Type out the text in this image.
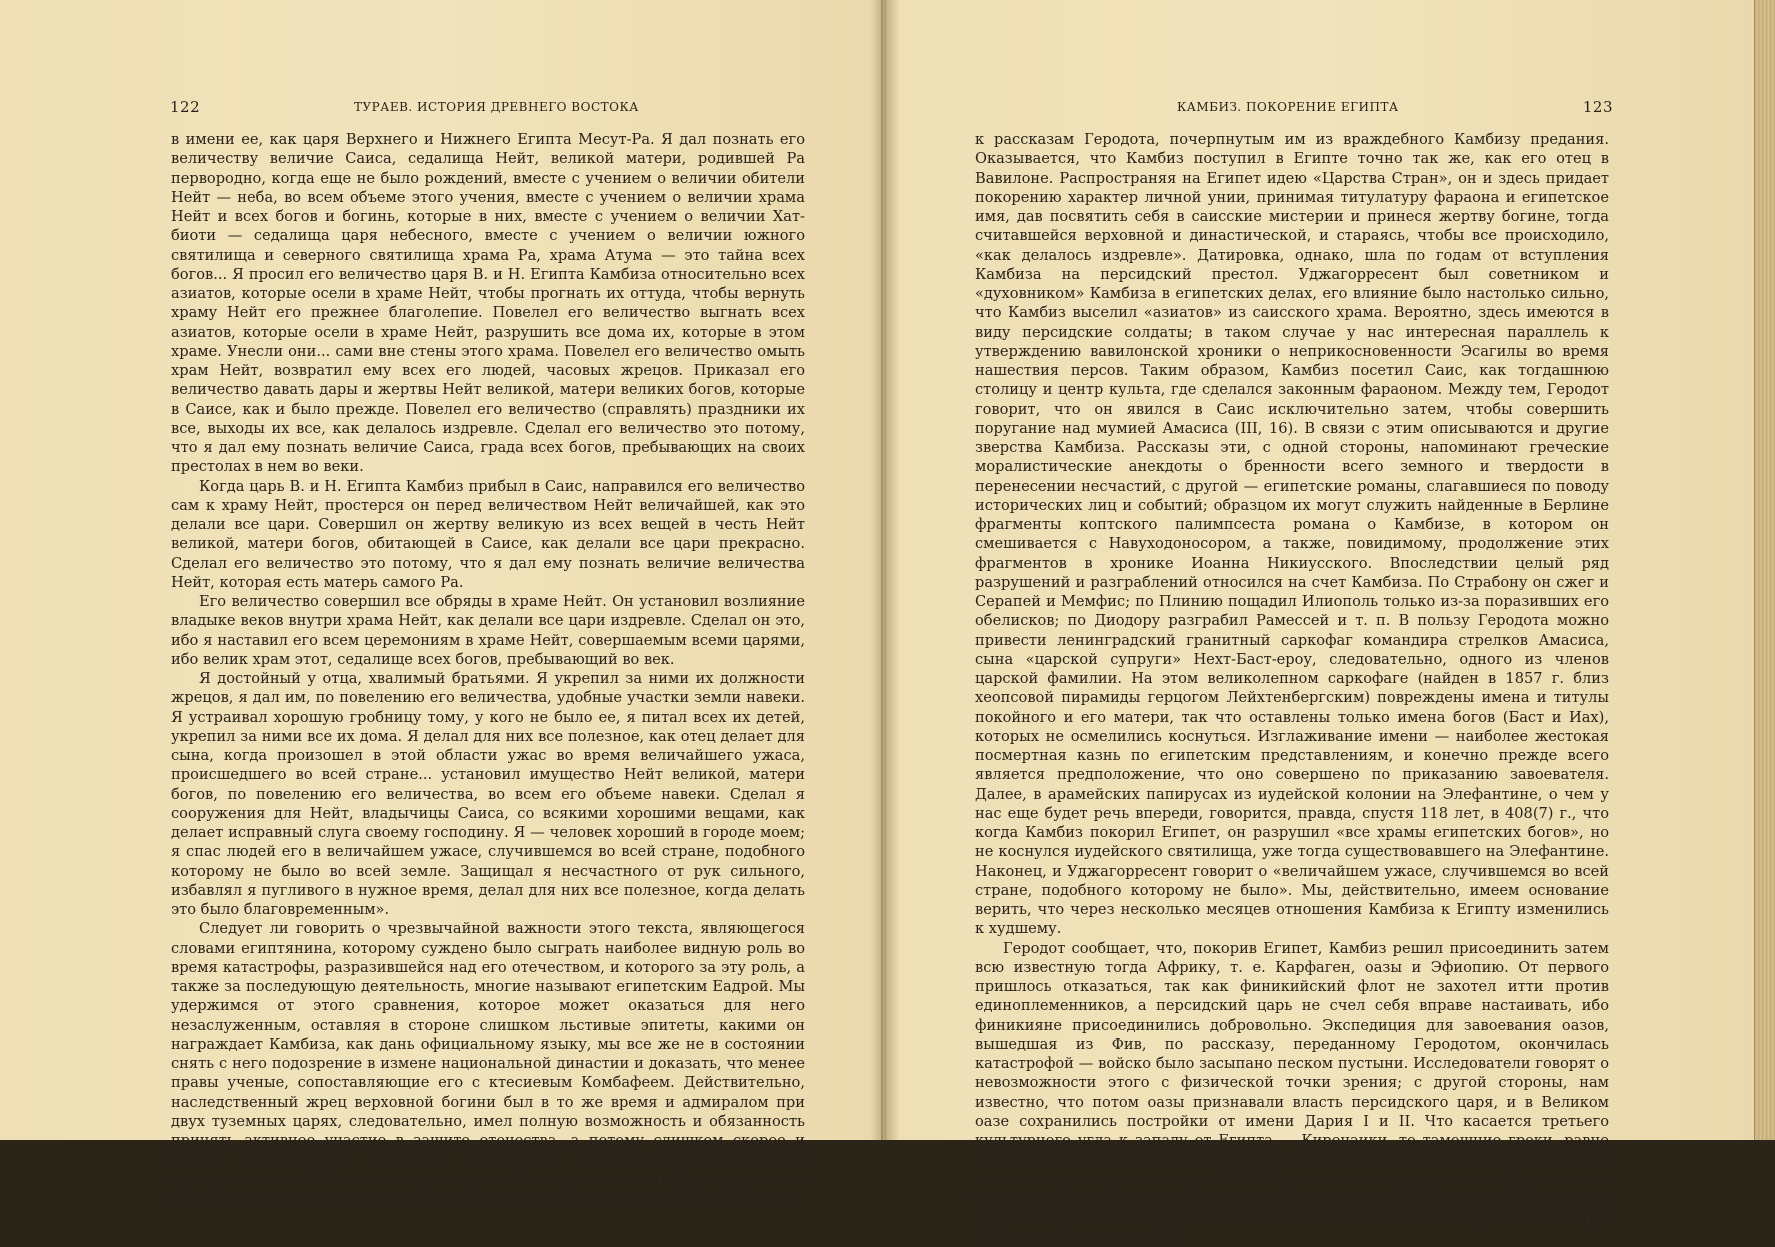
122	ТУРАЕВ. ИСТОРИЯ ДРЕВНЕГО ВОСТОКА

в имени ее, как царя Верхнего и Нижнего Египта Месут-Ра. Я дал познать его величеству величие Саиса, седалища Нейт, великой матери, родившей Ра первородно, когда еще не было рождений, вместе с учением о величии обители Нейт — неба, во всем объеме этого учения, вместе с учением о величии храма Нейт и всех богов и богинь, которые в них, вместе с учением о величии Хат-биоти — седалища царя небесного, вместе с учением о величии южного святилища и северного святилища храма Ра, храма Атума — это тайна всех богов... Я просил его величество царя В. и Н. Египта Камбиза относительно всех азиатов, которые осели в храме Нейт, чтобы прогнать их оттуда, чтобы вернуть храму Нейт его прежнее благолепие. Повелел его величество выгнать всех азиатов, которые осели в храме Нейт, разрушить все дома их, которые в этом храме. Унесли они... сами вне стены этого храма. Повелел его величество омыть храм Нейт, возвратил ему всех его людей, часовых жрецов. Приказал его величество давать дары и жертвы Нейт великой, матери великих богов, которые в Саисе, как и было прежде. Повелел его величество (справлять) праздники их все, выходы их все, как делалось издревле. Сделал его величество это потому, что я дал ему познать величие Саиса, града всех богов, пребывающих на своих престолах в нем во веки.

Когда царь В. и Н. Египта Камбиз прибыл в Саис, направился его величество сам к храму Нейт, простерся он перед величеством Нейт величайшей, как это делали все цари. Совершил он жертву великую из всех вещей в честь Нейт великой, матери богов, обитающей в Саисе, как делали все цари прекрасно. Сделал его величество это потому, что я дал ему познать величие величества Нейт, которая есть матерь самого Ра.

Его величество совершил все обряды в храме Нейт. Он установил возлияние владыке веков внутри храма Нейт, как делали все цари издревле. Сделал он это, ибо я наставил его всем церемониям в храме Нейт, совершаемым всеми царями, ибо велик храм этот, седалище всех богов, пребывающий во век.

Я достойный у отца, хвалимый братьями. Я укрепил за ними их должности жрецов, я дал им, по повелению его величества, удобные участки земли навеки. Я устраивал хорошую гробницу тому, у кого не было ее, я питал всех их детей, укрепил за ними все их дома. Я делал для них все полезное, как отец делает для сына, когда произошел в этой области ужас во время величайшего ужаса, происшедшего во всей стране... установил имущество Нейт великой, матери богов, по повелению его величества, во всем его объеме навеки. Сделал я сооружения для Нейт, владычицы Саиса, со всякими хорошими вещами, как делает исправный слуга своему господину. Я — человек хороший в городе моем; я спас людей его в величайшем ужасе, случившемся во всей стране, подобного которому не было во всей земле. Защищал я несчастного от рук сильного, избавлял я пугливого в нужное время, делал для них все полезное, когда делать это было благовременным».

Следует ли говорить о чрезвычайной важности этого текста, являющегося словами египтянина, которому суждено было сыграть наиболее видную роль во время катастрофы, разразившейся над его отечеством, и которого за эту роль, а также за последующую деятельность, многие называют египетским Еадрой. Мы удержимся от этого сравнения, которое может оказаться для него незаслуженным, оставляя в стороне слишком льстивые эпитеты, какими он награждает Камбиза, как дань официальному языку, мы все же не в состоянии снять с него подозрение в измене национальной династии и доказать, что менее правы ученые, сопоставляющие его с ктесиевым Комбафеем. Действительно, наследственный жрец верховной богини был в то же время и адмиралом при двух туземных царях, следовательно, имел полную возможность и обязанность принять активное участие в защите отечества, а потому слишком скорое и полное приобретение милостей завоевателя не может не показаться подозрительным. Но если и так, то дальнейшая деятельность Уджагорресента была к пользе его родины, и его надпись заставляет нас критически отнестись

КАМБИЗ. ПОКОРЕНИЕ ЕГИПТА	123

к рассказам Геродота, почерпнутым им из враждебного Камбизу предания. Оказывается, что Камбиз поступил в Египте точно так же, как его отец в Вавилоне. Распространяя на Египет идею «Царства Стран», он и здесь придает покорению характер личной унии, принимая титулатуру фараона и египетское имя, дав посвятить себя в саисские мистерии и принеся жертву богине, тогда считавшейся верховной и династической, и стараясь, чтобы все происходило, «как делалось издревле». Датировка, однако, шла по годам от вступления Камбиза на персидский престол. Уджагорресент был советником и «духовником» Камбиза в египетских делах, его влияние было настолько сильно, что Камбиз выселил «азиатов» из саисского храма. Вероятно, здесь имеются в виду персидские солдаты; в таком случае у нас интересная параллель к утверждению вавилонской хроники о неприкосновенности Эсагилы во время нашествия персов. Таким образом, Камбиз посетил Саис, как тогдашнюю столицу и центр культа, где сделался законным фараоном. Между тем, Геродот говорит, что он явился в Саис исключительно затем, чтобы совершить поругание над мумией Амасиса (III, 16). В связи с этим описываются и другие зверства Камбиза. Рассказы эти, с одной стороны, напоминают греческие моралистические анекдоты о бренности всего земного и твердости в перенесении несчастий, с другой — египетские романы, слагавшиеся по поводу исторических лиц и событий; образцом их могут служить найденные в Берлине фрагменты коптского палимпсеста романа о Камбизе, в котором он смешивается с Навуходоносором, а также, повидимому, продолжение этих фрагментов в хронике Иоанна Никиусского. Впоследствии целый ряд разрушений и разграблений относился на счет Камбиза. По Страбону он сжег и Серапей и Мемфис; по Плинию пощадил Илиополь только из-за поразивших его обелисков; по Диодору разграбил Рамессей и т. п. В пользу Геродота можно привести ленинградский гранитный саркофаг командира стрелков Амасиса, сына «царской супруги» Нехт-Баст-ероу, следовательно, одного из членов царской фамилии. На этом великолепном саркофаге (найден в 1857 г. близ хеопсовой пирамиды герцогом Лейхтенбергским) повреждены имена и титулы покойного и его матери, так что оставлены только имена богов (Баст и Иах), которых не осмелились коснуться. Изглаживание имени — наиболее жестокая посмертная казнь по египетским представлениям, и конечно прежде всего является предположение, что оно совершено по приказанию завоевателя. Далее, в арамейских папирусах из иудейской колонии на Элефантине, о чем у нас еще будет речь впереди, говорится, правда, спустя 118 лет, в 408(7) г., что когда Камбиз покорил Египет, он разрушил «все храмы египетских богов», но не коснулся иудейского святилища, уже тогда существовавшего на Элефантине. Наконец, и Уджагорресент говорит о «величайшем ужасе, случившемся во всей стране, подобного которому не было». Мы, действительно, имеем основание верить, что через несколько месяцев отношения Камбиза к Египту изменились к худшему.

Геродот сообщает, что, покорив Египет, Камбиз решил присоединить затем всю известную тогда Африку, т. е. Карфаген, оазы и Эфиопию. От первого пришлось отказаться, так как финикийский флот не захотел итти против единоплеменников, а персидский царь не счел себя вправе настаивать, ибо финикияне присоединились добровольно. Экспедиция для завоевания оазов, вышедшая из Фив, по рассказу, переданному Геродотом, окончилась катастрофой — войско было засыпано песком пустыни. Исследователи говорят о невозможности этого с физической точки зрения; с другой стороны, нам известно, что потом оазы признавали власть персидского царя, и в Великом оазе сохранились постройки от имени Дария I и II. Что касается третьего культурного угла к западу от Египта — Киренаики, то тамошние греки, равно как ливийцы-туземцы, под впечатлением побед Камбиза, добровольно подчинились ему и прислали дань. Камбиз, в свою очередь, оказал африканским грекам внимание, отослав на родину вдову Амасиса, киренеянку Ладику. Таким образом, персидское царство включило в свой состав еще одну значительную область греческого мира.
